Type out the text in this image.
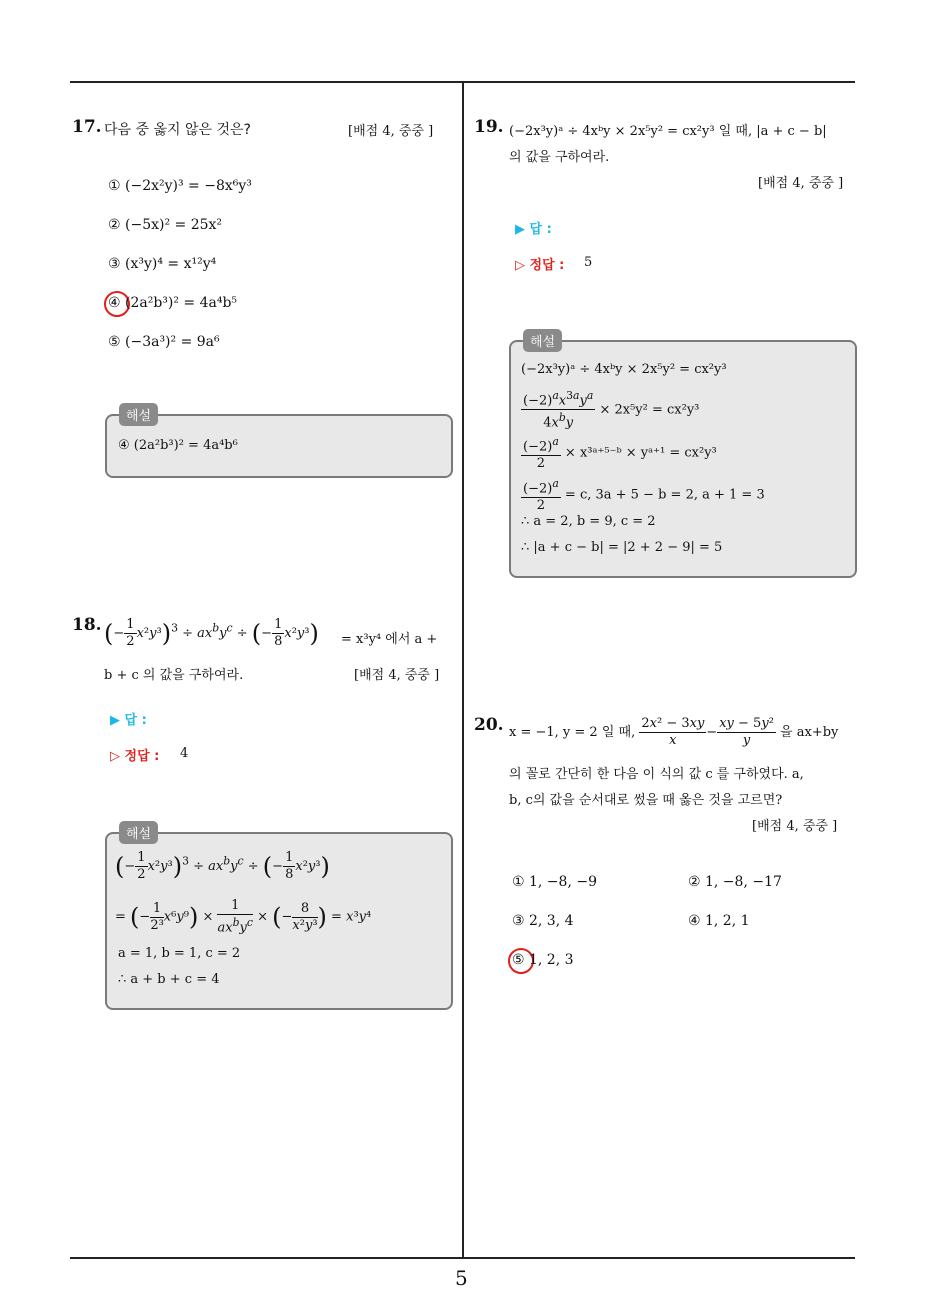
5
17. 다음 중 옳지 않은 것은?	[배점 4, 중중 ]
① (−2x²y)³ = −8x⁶y³
② (−5x)² = 25x²
③ (x³y)⁴ = x¹²y⁴
④ (2a²b³)² = 4a⁴b⁵
⑤ (−3a³)² = 9a⁶
해설
④ (2a²b³)² = 4a⁴b⁶
18. (− $\frac{1}{2} x^2y^3)^3 \div ax^by^c$ ÷ (− $\frac{1}{8} x^2y^3) = x^3y^4$ 에서 a +
b + c 의 값을 구하여라.	[배점 4, 중중 ]
▶ 답 :
▷ 정답 : 4
해설
(− $\frac{1}{2} x^2y^3)^3 \div ax^by^c$ ÷ (− $\frac{1}{8} x^2y^3$)
= (− $\frac{1}{\text{2³}} x^6y^9) \times \frac{1}{ax^by^c}$ × (− $\frac{8}{\text{x²y³}}$ ) = x³y⁴
a = 1, b = 1, c = 2
∴ a + b + c = 4
19. (−2x³y)ᵃ ÷ 4xᵇy × 2x⁵y² = cx²y³ 일 때, |a + c − b|
의 값을 구하여라.
[배점 4, 중중 ]
▶ 답 :
▷ 정답 : 5
해설
(−2x³y)ᵃ ÷ 4xᵇy × 2x⁵y² = cx²y³
$\frac{(-2)^ax^{3a}y^a}{4x^by} \times 2x^5y^2 = cx^2y^3$
$\frac{(-2)^a}{2}$ × x³ᵃ⁺⁵⁻ᵇ × yᵃ⁺¹ = cx²y³
$\frac{(-2)^a}{2} = c$, 3a + 5 − b = 2, a + 1 = 3
∴ a = 2, b = 9, c = 2
∴ |a + c − b| = |2 + 2 − 9| = 5
20. x = −1, y = 2 일 때, $\frac{\text{2x² − 3xy}}{x} - \frac{\text{xy − 5y²}}{y}$ 을 ax+by
의 꼴로 간단히 한 다음 이 식의 값 c 를 구하였다. a,
b, c의 값을 순서대로 썼을 때 옳은 것을 고르면?
[배점 4, 중중 ]
① 1, −8, −9	② 1, −8, −17
③ 2, 3, 4	④ 1, 2, 1
⑤ 1, 2, 3
